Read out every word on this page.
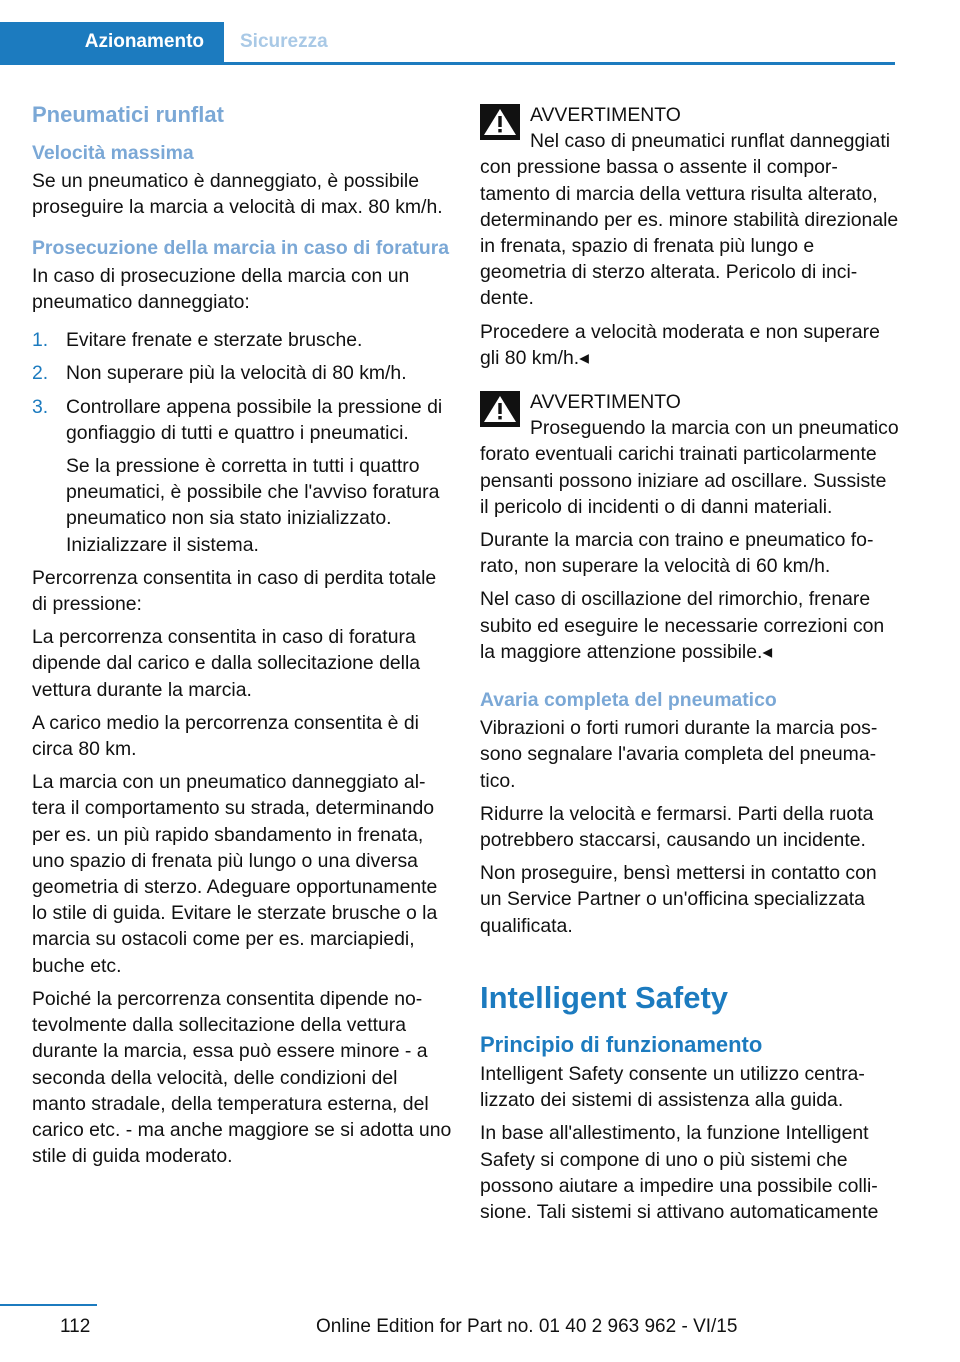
Azionamento	Sicurezza
Pneumatici runflat
Velocità massima

Se un pneumatico è danneggiato, è possibile proseguire la marcia a velocità di max. 80 km/h.

Prosecuzione della marcia in caso di foratura

In caso di prosecuzione della marcia con un pneumatico danneggiato:

1. Evitare frenate e sterzate brusche.
2. Non superare più la velocità di 80 km/h.
3. Controllare appena possibile la pressione di gonfiaggio di tutti e quattro i pneumatici.
Se la pressione è corretta in tutti i quattro pneumatici, è possibile che l'avviso foratura pneumatico non sia stato inizializzato. Inizializzare il sistema.

Percorrenza consentita in caso di perdita totale di pressione:

La percorrenza consentita in caso di foratura dipende dal carico e dalla sollecitazione della vettura durante la marcia.

A carico medio la percorrenza consentita è di circa 80 km.

La marcia con un pneumatico danneggiato altera il comportamento su strada, determinando per es. un più rapido sbandamento in frenata, uno spazio di frenata più lungo o una diversa geometria di sterzo. Adeguare opportunamente lo stile di guida. Evitare le sterzate brusche o la marcia su ostacoli come per es. marciapiedi, buche etc.

Poiché la percorrenza consentita dipende notevolmente dalla sollecitazione della vettura durante la marcia, essa può essere minore - a seconda della velocità, delle condizioni del manto stradale, della temperatura esterna, del carico etc. - ma anche maggiore se si adotta uno stile di guida moderato.

AVVERTIMENTO

Nel caso di pneumatici runflat danneggiati con pressione bassa o assente il comportamento di marcia della vettura risulta alterato, determinando per es. minore stabilità direzionale in frenata, spazio di frenata più lungo e geometria di sterzo alterata. Pericolo di incidente.

Procedere a velocità moderata e non superare gli 80 km/h.◂

AVVERTIMENTO

Proseguendo la marcia con un pneumatico forato eventuali carichi trainati particolarmente pensanti possono iniziare ad oscillare. Sussiste il pericolo di incidenti o di danni materiali.

Durante la marcia con traino e pneumatico forato, non superare la velocità di 60 km/h.

Nel caso di oscillazione del rimorchio, frenare subito ed eseguire le necessarie correzioni con la maggiore attenzione possibile.◂

Avaria completa del pneumatico

Vibrazioni o forti rumori durante la marcia possono segnalare l'avaria completa del pneumatico.

Ridurre la velocità e fermarsi. Parti della ruota potrebbero staccarsi, causando un incidente.

Non proseguire, bensì mettersi in contatto con un Service Partner o un'officina specializzata qualificata.

Intelligent Safety
Principio di funzionamento

Intelligent Safety consente un utilizzo centralizzato dei sistemi di assistenza alla guida.

In base all'allestimento, la funzione Intelligent Safety si compone di uno o più sistemi che possono aiutare a impedire una possibile collisione. Tali sistemi si attivano automaticamente

112	Online Edition for Part no. 01 40 2 963 962 - VI/15
